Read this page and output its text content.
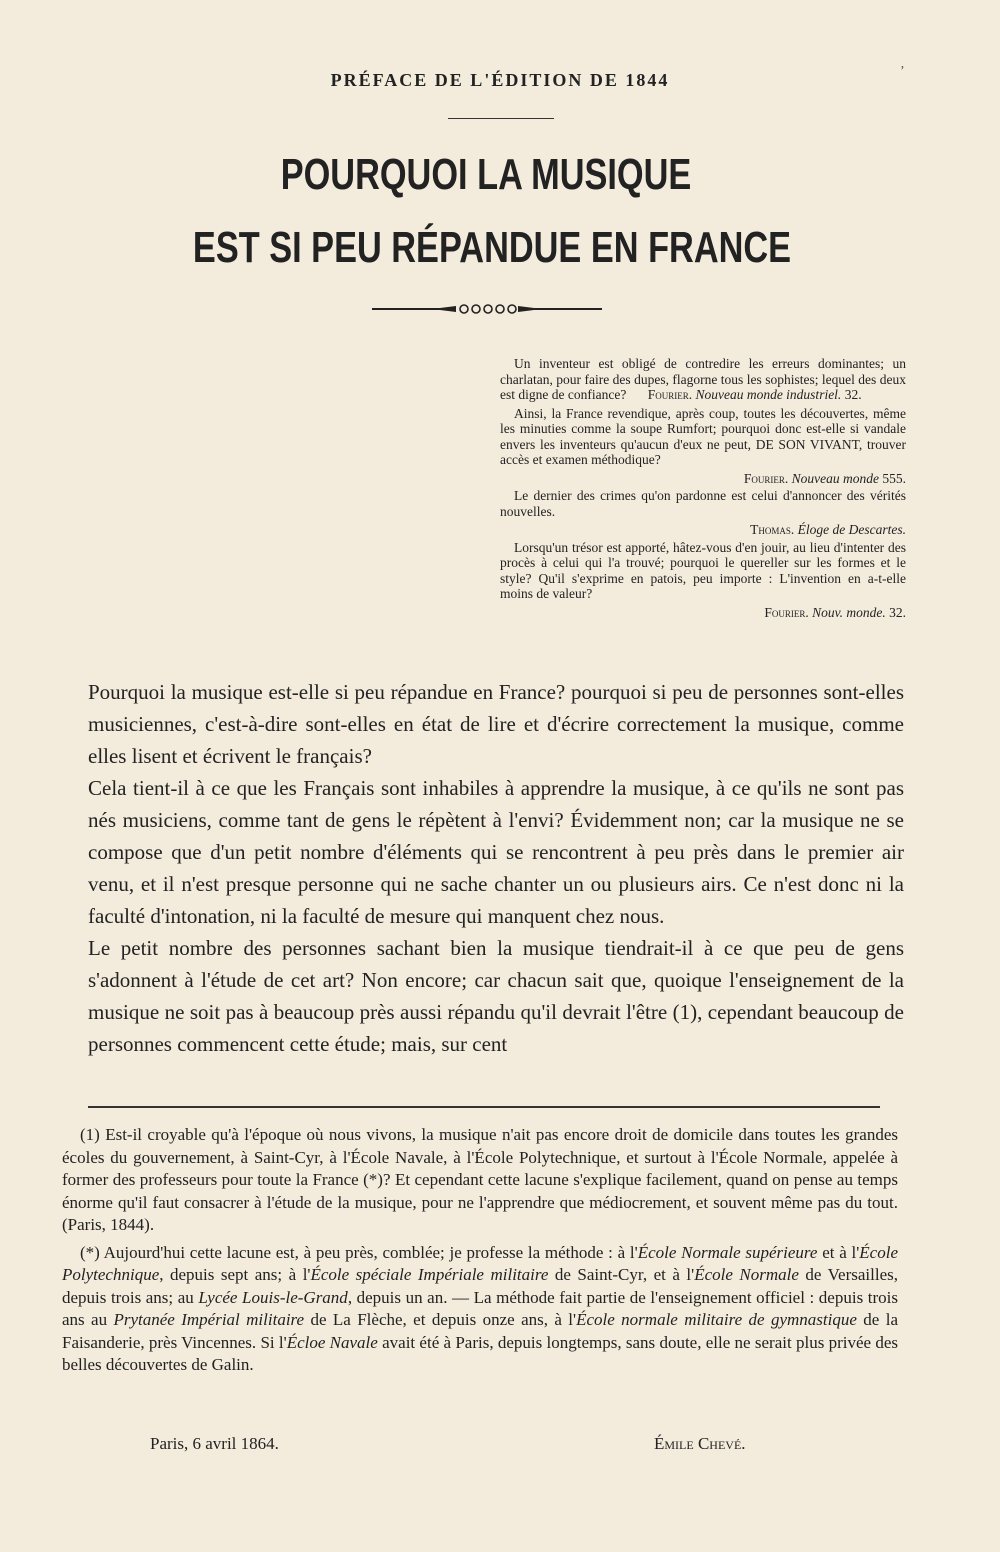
PRÉFACE DE L'ÉDITION DE 1844	ʼ
POURQUOI LA MUSIQUE
EST SI PEU RÉPANDUE EN FRANCE

Un inventeur est obligé de contredire les erreurs dominantes; un charlatan, pour faire des dupes, flagorne tous les sophistes; lequel des deux est digne de confiance? Fourier. Nouveau monde industriel. 32.

Ainsi, la France revendique, après coup, toutes les découvertes, même les minuties comme la soupe Rumfort; pourquoi donc est-elle si vandale envers les inventeurs qu'aucun d'eux ne peut, DE SON VIVANT, trouver accès et examen méthodique?

Fourier. Nouveau monde 555.

Le dernier des crimes qu'on pardonne est celui d'annoncer des vérités nouvelles.

Thomas. Éloge de Descartes.

Lorsqu'un trésor est apporté, hâtez-vous d'en jouir, au lieu d'intenter des procès à celui qui l'a trouvé; pourquoi le quereller sur les formes et le style? Qu'il s'exprime en patois, peu importe : L'invention en a-t-elle moins de valeur?

Fourier. Nouv. monde. 32.

Pourquoi la musique est-elle si peu répandue en France? pourquoi si peu de personnes sont-elles musiciennes, c'est-à-dire sont-elles en état de lire et d'écrire correctement la musique, comme elles lisent et écrivent le français?

Cela tient-il à ce que les Français sont inhabiles à apprendre la musique, à ce qu'ils ne sont pas nés musiciens, comme tant de gens le répètent à l'envi? Évidemment non; car la musique ne se compose que d'un petit nombre d'éléments qui se rencontrent à peu près dans le premier air venu, et il n'est presque personne qui ne sache chanter un ou plusieurs airs. Ce n'est donc ni la faculté d'intonation, ni la faculté de mesure qui manquent chez nous.

Le petit nombre des personnes sachant bien la musique tiendrait-il à ce que peu de gens s'adonnent à l'étude de cet art? Non encore; car chacun sait que, quoique l'enseignement de la musique ne soit pas à beaucoup près aussi répandu qu'il devrait l'être (1), cependant beaucoup de personnes commencent cette étude; mais, sur cent

(1) Est-il croyable qu'à l'époque où nous vivons, la musique n'ait pas encore droit de domicile dans toutes les grandes écoles du gouvernement, à Saint-Cyr, à l'École Navale, à l'École Polytechnique, et surtout à l'École Normale, appelée à former des professeurs pour toute la France (*)? Et cependant cette lacune s'explique facilement, quand on pense au temps énorme qu'il faut consacrer à l'étude de la musique, pour ne l'apprendre que médiocrement, et souvent même pas du tout. (Paris, 1844).

(*) Aujourd'hui cette lacune est, à peu près, comblée; je professe la méthode : à l'École Normale supérieure et à l'École Polytechnique, depuis sept ans; à l'École spéciale Impériale militaire de Saint-Cyr, et à l'École Normale de Versailles, depuis trois ans; au Lycée Louis-le-Grand, depuis un an. — La méthode fait partie de l'enseignement officiel : depuis trois ans au Prytanée Impérial militaire de La Flèche, et depuis onze ans, à l'École normale militaire de gymnastique de la Faisanderie, près Vincennes. Si l'Écloe Navale avait été à Paris, depuis longtemps, sans doute, elle ne serait plus privée des belles découvertes de Galin.

Paris, 6 avril 1864.	Émile Chevé.
